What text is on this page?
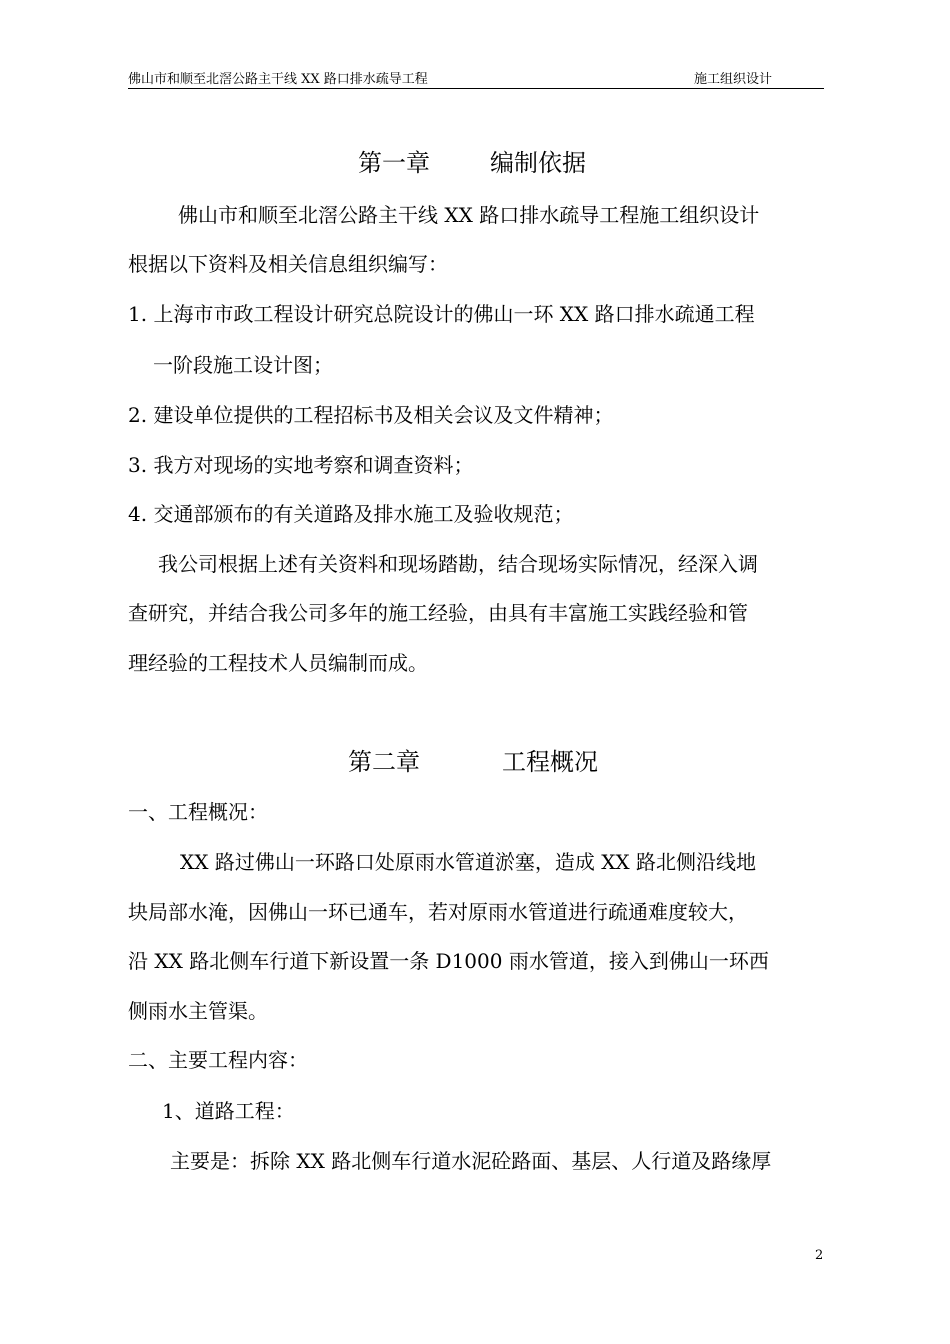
佛山市和顺至北滘公路主干线 XX 路口排水疏导工程	施工组织设计
第一章	编制依据
佛山市和顺至北滘公路主干线 XX 路口排水疏导工程施工组织设计
根据以下资料及相关信息组织编写：
1. 上海市市政工程设计研究总院设计的佛山一环 XX 路口排水疏通工程
一阶段施工设计图；
2. 建设单位提供的工程招标书及相关会议及文件精神；
3. 我方对现场的实地考察和调查资料；
4. 交通部颁布的有关道路及排水施工及验收规范；
我公司根据上述有关资料和现场踏勘，结合现场实际情况，经深入调
查研究，并结合我公司多年的施工经验，由具有丰富施工实践经验和管
理经验的工程技术人员编制而成。
第二章	工程概况
一、工程概况：
XX 路过佛山一环路口处原雨水管道淤塞，造成 XX 路北侧沿线地
块局部水淹，因佛山一环已通车，若对原雨水管道进行疏通难度较大，
沿 XX 路北侧车行道下新设置一条 D1000 雨水管道，接入到佛山一环西
侧雨水主管渠。
二、主要工程内容：
1、道路工程：
主要是：拆除 XX 路北侧车行道水泥砼路面、基层、人行道及路缘厚
2
